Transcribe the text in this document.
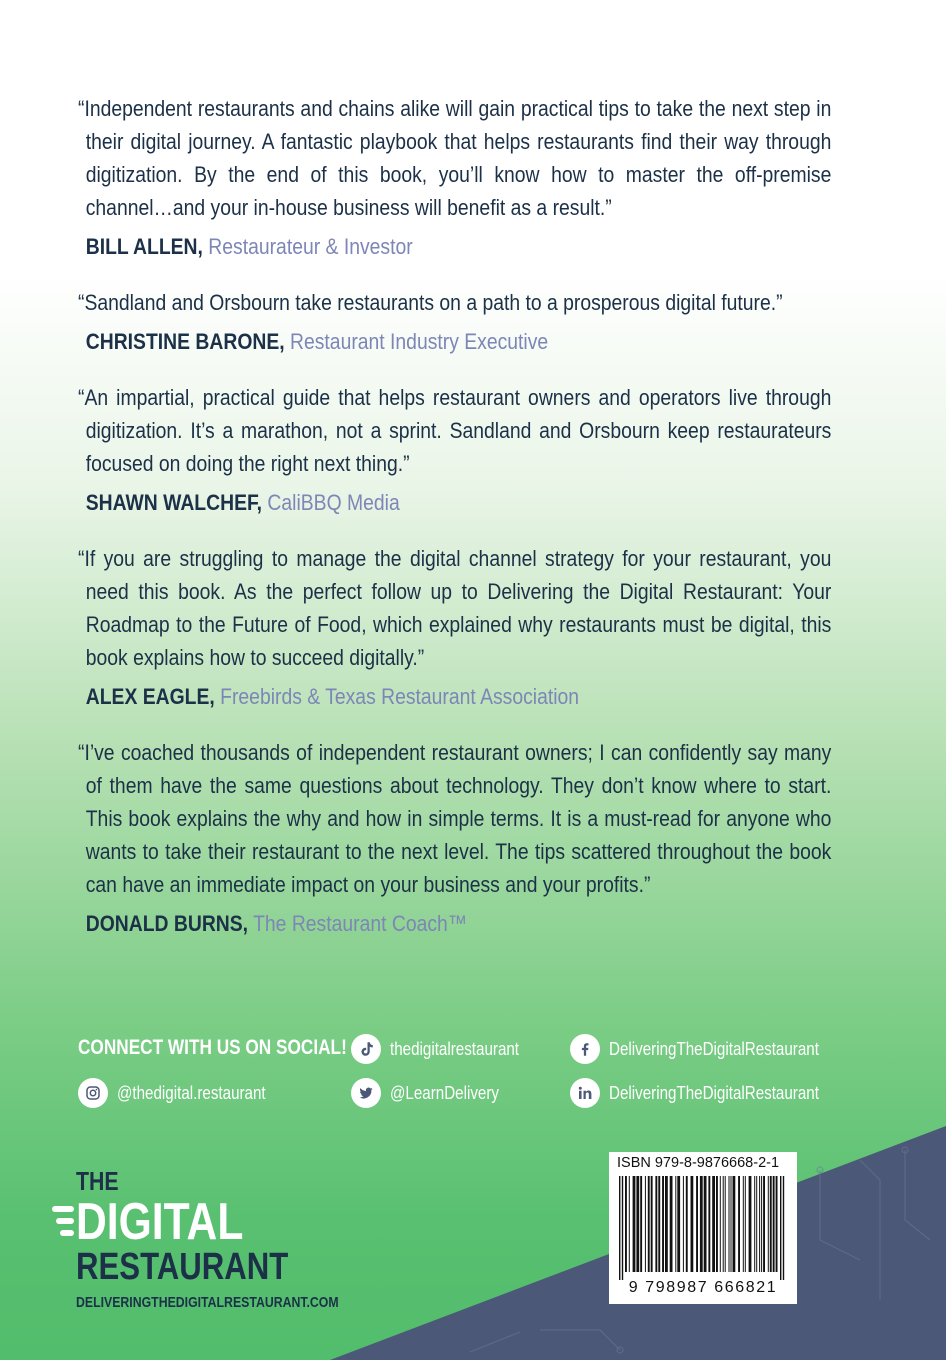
“Independent restaurants and chains alike will gain practical tips to take the next step in their digital journey. A fantastic playbook that helps restaurants find their way through digitization. By the end of this book, you’ll know how to master the off-premise channel…and your in-house business will benefit as a result.”

BILL ALLEN, Restaurateur & Investor

“Sandland and Orsbourn take restaurants on a path to a prosperous digital future.”

CHRISTINE BARONE, Restaurant Industry Executive

“An impartial, practical guide that helps restaurant owners and operators live through digitization. It’s a marathon, not a sprint. Sandland and Orsbourn keep restaurateurs focused on doing the right next thing.”

SHAWN WALCHEF, CaliBBQ Media

“If you are struggling to manage the digital channel strategy for your restaurant, you need this book. As the perfect follow up to Delivering the Digital Restaurant: Your Roadmap to the Future of Food, which explained why restaurants must be digital, this book explains how to succeed digitally.”

ALEX EAGLE, Freebirds & Texas Restaurant Association

“I’ve coached thousands of independent restaurant owners; I can confidently say many of them have the same questions about technology. They don’t know where to start. This book explains the why and how in simple terms. It is a must-read for anyone who wants to take their restaurant to the next level. The tips scattered throughout the book can have an immediate impact on your business and your profits.”

DONALD BURNS, The Restaurant Coach™

CONNECT WITH US ON SOCIAL!	thedigitalrestaurant	DeliveringTheDigitalRestaurant
@thedigital.restaurant	@LearnDelivery	DeliveringTheDigitalRestaurant
THE
DIGITAL
RESTAURANT
DELIVERINGTHEDIGITALRESTAURANT.COM
ISBN 979-8-9876668-2-1
9 798987 666821
